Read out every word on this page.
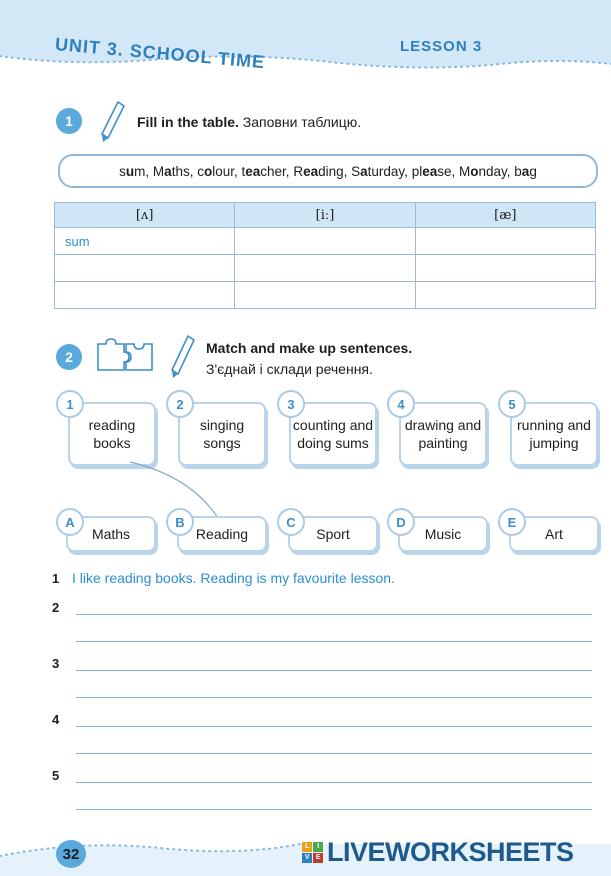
UNIT 3. SCHOOL TIME	LESSON 3
1	Fill in the table. Заповни таблицю.
sum, Maths, colour, teacher, Reading, Saturday, please, Monday, bag
[ʌ]	[iː]	[æ]
sum		

2
Match and make up sentences.
З'єднай і склади речення.
reading books
singing songs
counting and doing sums
drawing and painting
running and jumping
1	2	3	4	5
Maths	Reading	Sport	Music	Art
A	B	C	D	E
1 I like reading books. Reading is my favourite lesson.
2
3
4
5
32	L	I
V E LIVEWORKSHEETS
